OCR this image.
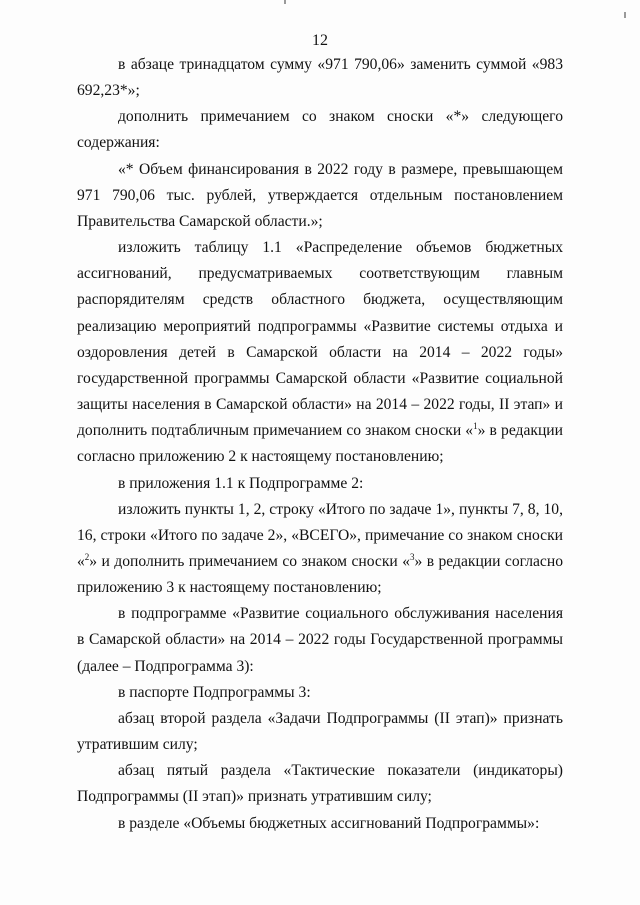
12

в абзаце тринадцатом сумму «971 790,06» заменить суммой «983 692,23*»;

дополнить примечанием со знаком сноски «*» следующего содержания:

«* Объем финансирования в 2022 году в размере, превышающем 971 790,06 тыс. рублей, утверждается отдельным постановлением Правительства Самарской области.»;

изложить таблицу 1.1 «Распределение объемов бюджетных ассигнований, предусматриваемых соответствующим главным распорядителям средств областного бюджета, осуществляющим реализацию мероприятий подпрограммы «Развитие системы отдыха и оздоровления детей в Самарской области на 2014 – 2022 годы» государственной программы Самарской области «Развитие социальной защиты населения в Самарской области» на 2014 – 2022 годы, II этап» и дополнить подтабличным примечанием со знаком сноски «$^1$» в редакции согласно приложению 2 к настоящему постановлению;

в приложения 1.1 к Подпрограмме 2:

изложить пункты 1, 2, строку «Итого по задаче 1», пункты 7, 8, 10, 16, строки «Итого по задаче 2», «ВСЕГО», примечание со знаком сноски «$^2$» и дополнить примечанием со знаком сноски «$^3$» в редакции согласно приложению 3 к настоящему постановлению;

в подпрограмме «Развитие социального обслуживания населения в Самарской области» на 2014 – 2022 годы Государственной программы (далее – Подпрограмма 3):

в паспорте Подпрограммы 3:

абзац второй раздела «Задачи Подпрограммы (II этап)» признать утратившим силу;

абзац пятый раздела «Тактические показатели (индикаторы) Подпрограммы (II этап)» признать утратившим силу;

в разделе «Объемы бюджетных ассигнований Подпрограммы»:
